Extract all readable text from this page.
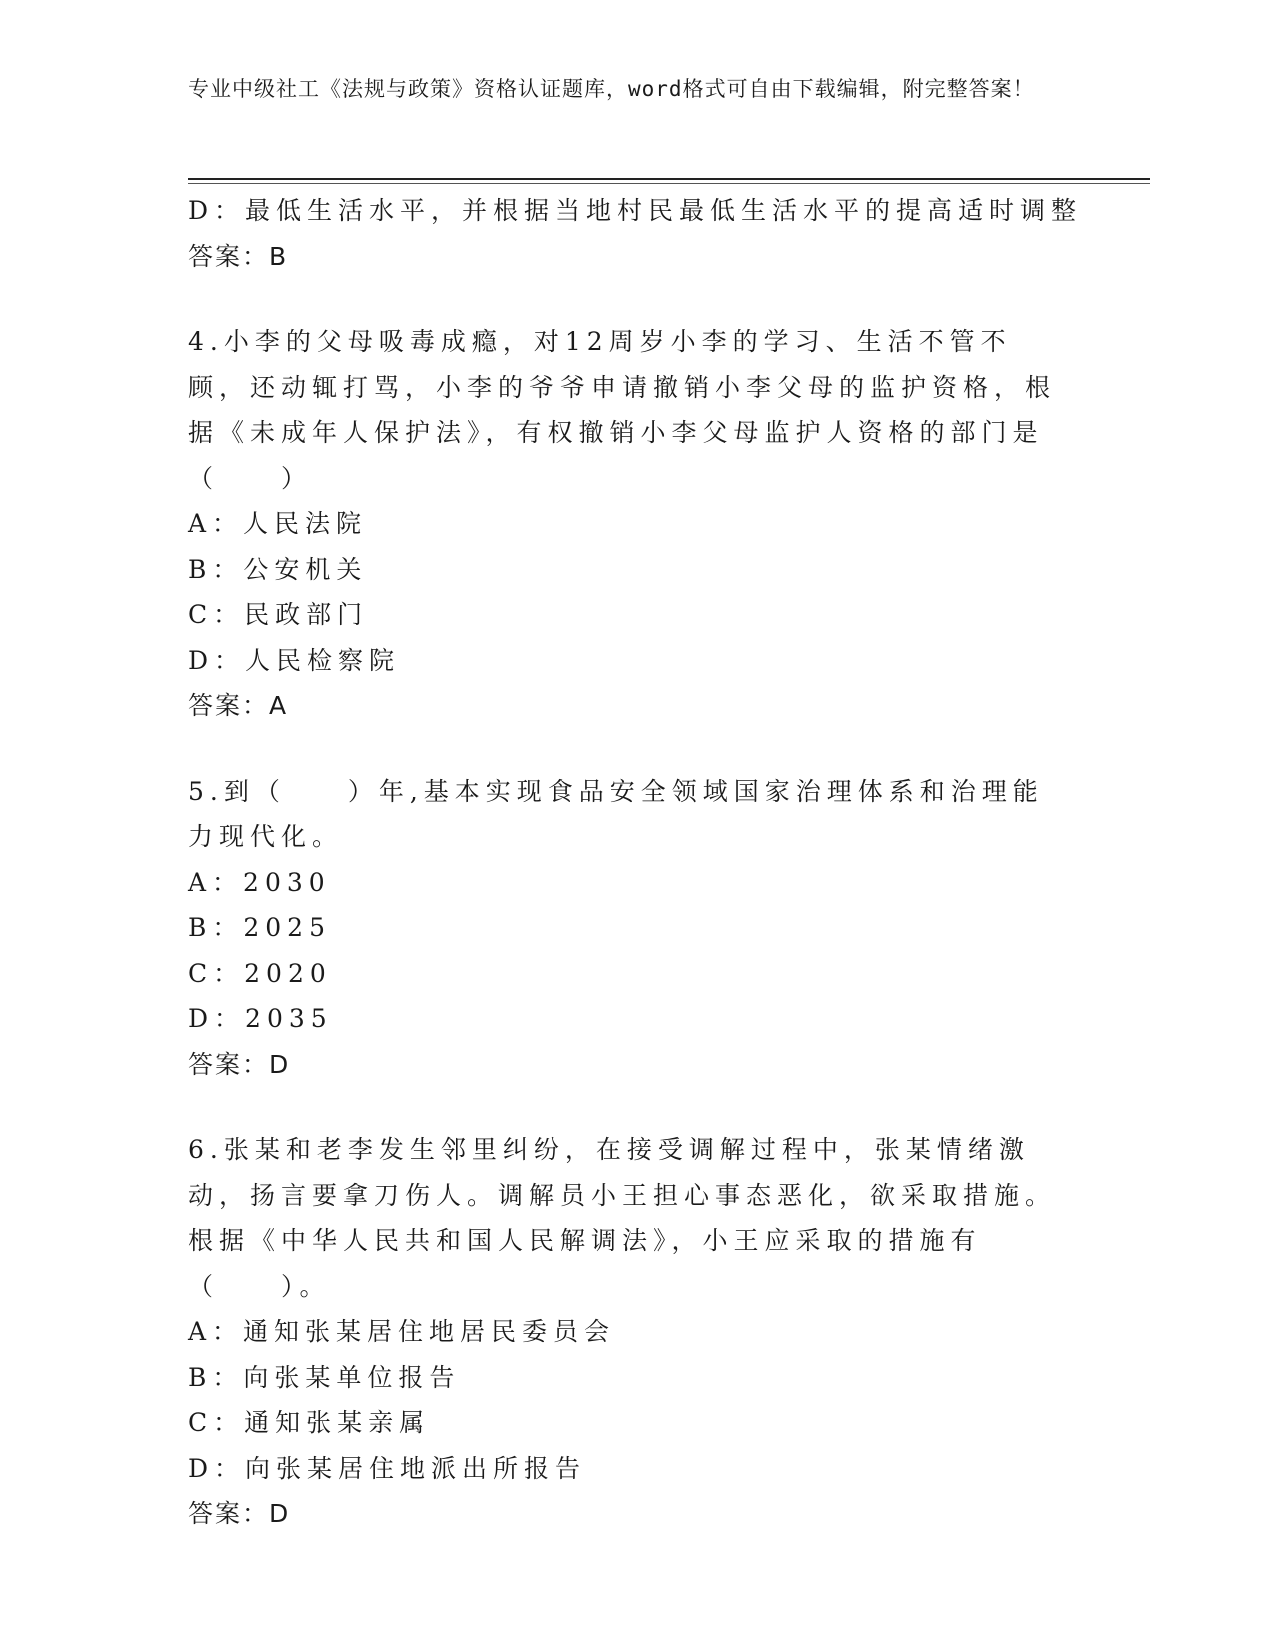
专业中级社工《法规与政策》资格认证题库，word格式可自由下载编辑，附完整答案！
D：最低生活水平，并根据当地村民最低生活水平的提高适时调整
答案：B
4.小李的父母吸毒成瘾，对12周岁小李的学习、生活不管不顾，还动辄打骂，小李的爷爷申请撤销小李父母的监护资格，根据《未成年人保护法》，有权撤销小李父母监护人资格的部门是（　　）
A：人民法院
B：公安机关
C：民政部门
D：人民检察院
答案：A
5.到（　　）年,基本实现食品安全领域国家治理体系和治理能力现代化。
A：2030
B：2025
C：2020
D：2035
答案：D
6.张某和老李发生邻里纠纷，在接受调解过程中，张某情绪激动，扬言要拿刀伤人。调解员小王担心事态恶化，欲采取措施。根据《中华人民共和国人民解调法》，小王应采取的措施有（　　）。
A：通知张某居住地居民委员会
B：向张某单位报告
C：通知张某亲属
D：向张某居住地派出所报告
答案：D
